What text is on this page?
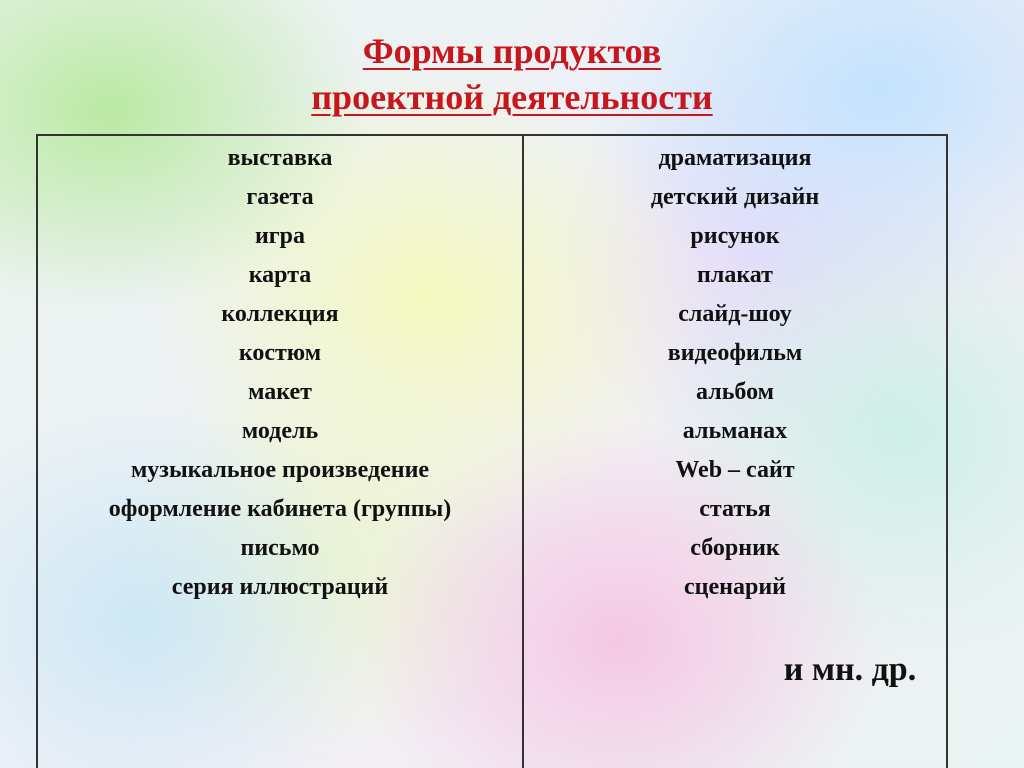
Формы продуктов
проектной деятельности
выставка
газета
игра
карта
коллекция
костюм
макет
модель
музыкальное произведение
оформление кабинета (группы)
письмо
серия иллюстраций
драматизация
детский дизайн
рисунок
плакат
слайд-шоу
видеофильм
альбом
альманах
Web – сайт
статья
сборник
сценарий
и мн. др.
